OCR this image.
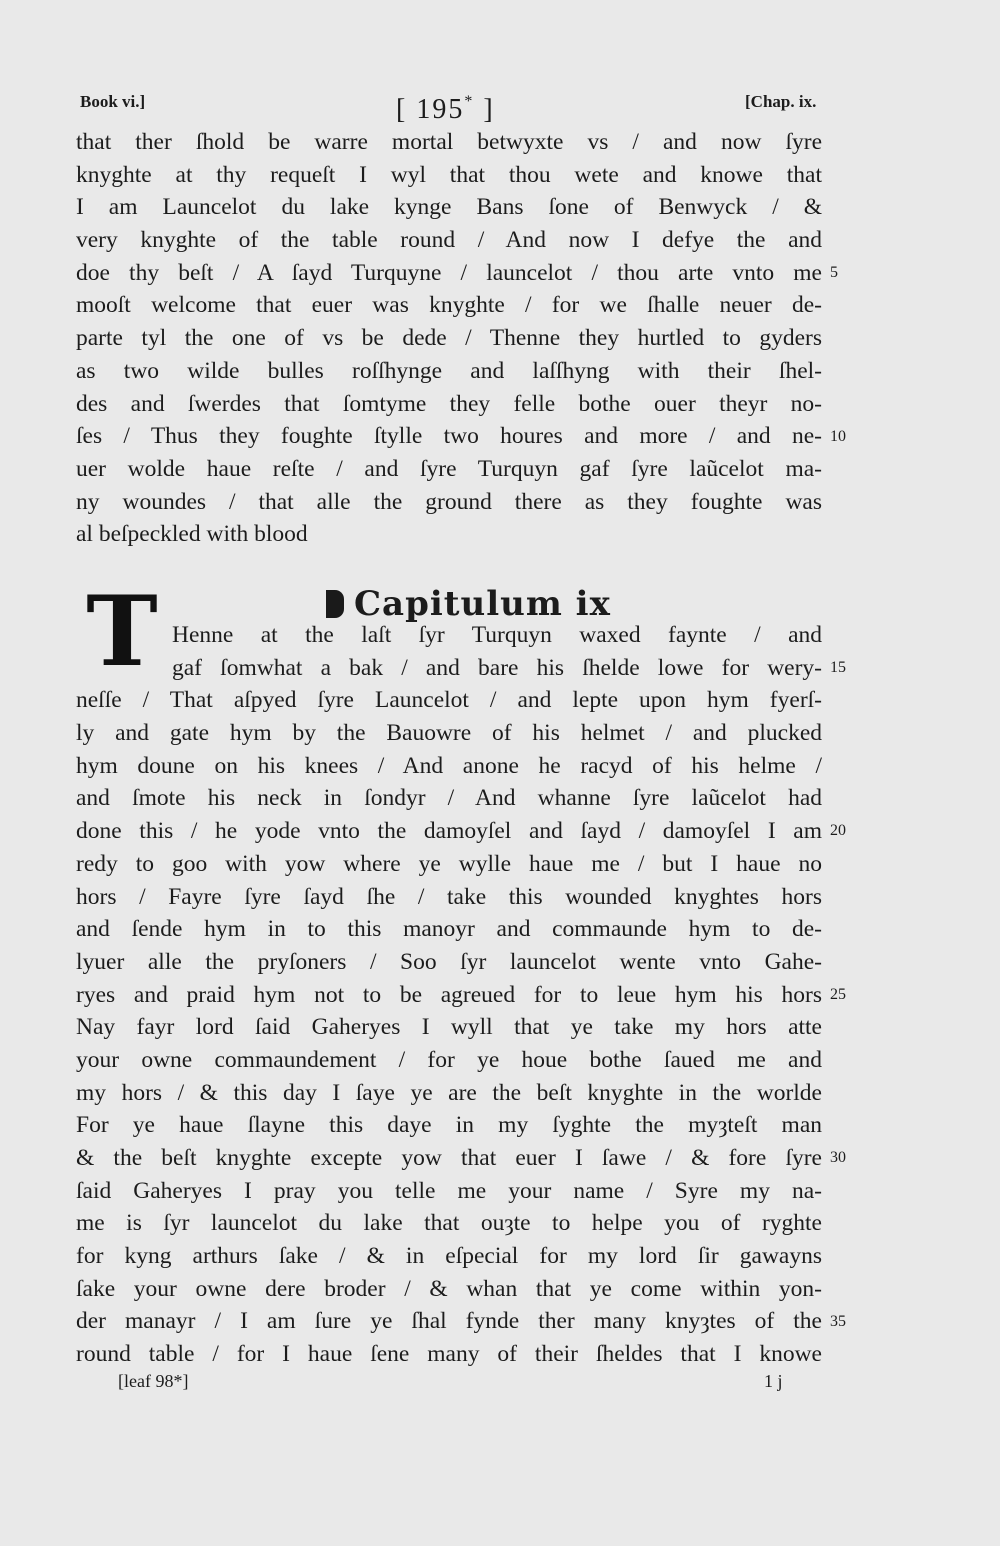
Book vi.]	[ 195* ]	[Chap. ix.
that ther ſhold be warre mortal betwyxte vs / and now ſyre
knyghte at thy requeſt I wyl that thou wete and knowe that
I am Launcelot du lake kynge Bans ſone of Benwyck / &
very knyghte of the table round / And now I defye the and
doe thy beſt / A ſayd Turquyne / launcelot / thou arte vnto me
mooſt welcome that euer was knyghte / for we ſhalle neuer de-
parte tyl the one of vs be dede / Thenne they hurtled to gyders
as two wilde bulles roſſhynge and laſſhyng with their ſhel-
des and ſwerdes that ſomtyme they felle bothe ouer theyr no-
ſes / Thus they foughte ſtylle two houres and more / and ne-
uer wolde haue reſte / and ſyre Turquyn gaf ſyre laũcelot ma-
ny woundes / that alle the ground there as they foughte was
al beſpeckled with blood
5
10
Capitulum ix
T Henne at the laſt ſyr Turquyn waxed faynte / and
gaf ſomwhat a bak / and bare his ſhelde lowe for wery-
neſſe / That aſpyed ſyre Launcelot / and lepte upon hym fyerſ-
ly and gate hym by the Bauowre of his helmet / and plucked
hym doune on his knees / And anone he racyd of his helme /
and ſmote his neck in ſondyr / And whanne ſyre laũcelot had
done this / he yode vnto the damoyſel and ſayd / damoyſel I am
redy to goo with yow where ye wylle haue me / but I haue no
hors / Fayre ſyre ſayd ſhe / take this wounded knyghtes hors
and ſende hym in to this manoyr and commaunde hym to de-
lyuer alle the pryſoners / Soo ſyr launcelot wente vnto Gahe-
ryes and praid hym not to be agreued for to leue hym his hors
Nay fayr lord ſaid Gaheryes I wyll that ye take my hors atte
your owne commaundement / for ye houe bothe ſaued me and
my hors / & this day I ſaye ye are the beſt knyghte in the worlde
For ye haue ſlayne this daye in my ſyghte the myȝteſt man
& the beſt knyghte excepte yow that euer I ſawe / & fore ſyre
ſaid Gaheryes I pray you telle me your name / Syre my na-
me is ſyr launcelot du lake that ouȝte to helpe you of ryghte
for kyng arthurs ſake / & in eſpecial for my lord ſir gawayns
ſake your owne dere broder / & whan that ye come within yon-
der manayr / I am ſure ye ſhal fynde ther many knyȝtes of the
round table / for I haue ſene many of their ſheldes that I knowe
15
20
25
30
35
[leaf 98*]	1 j
